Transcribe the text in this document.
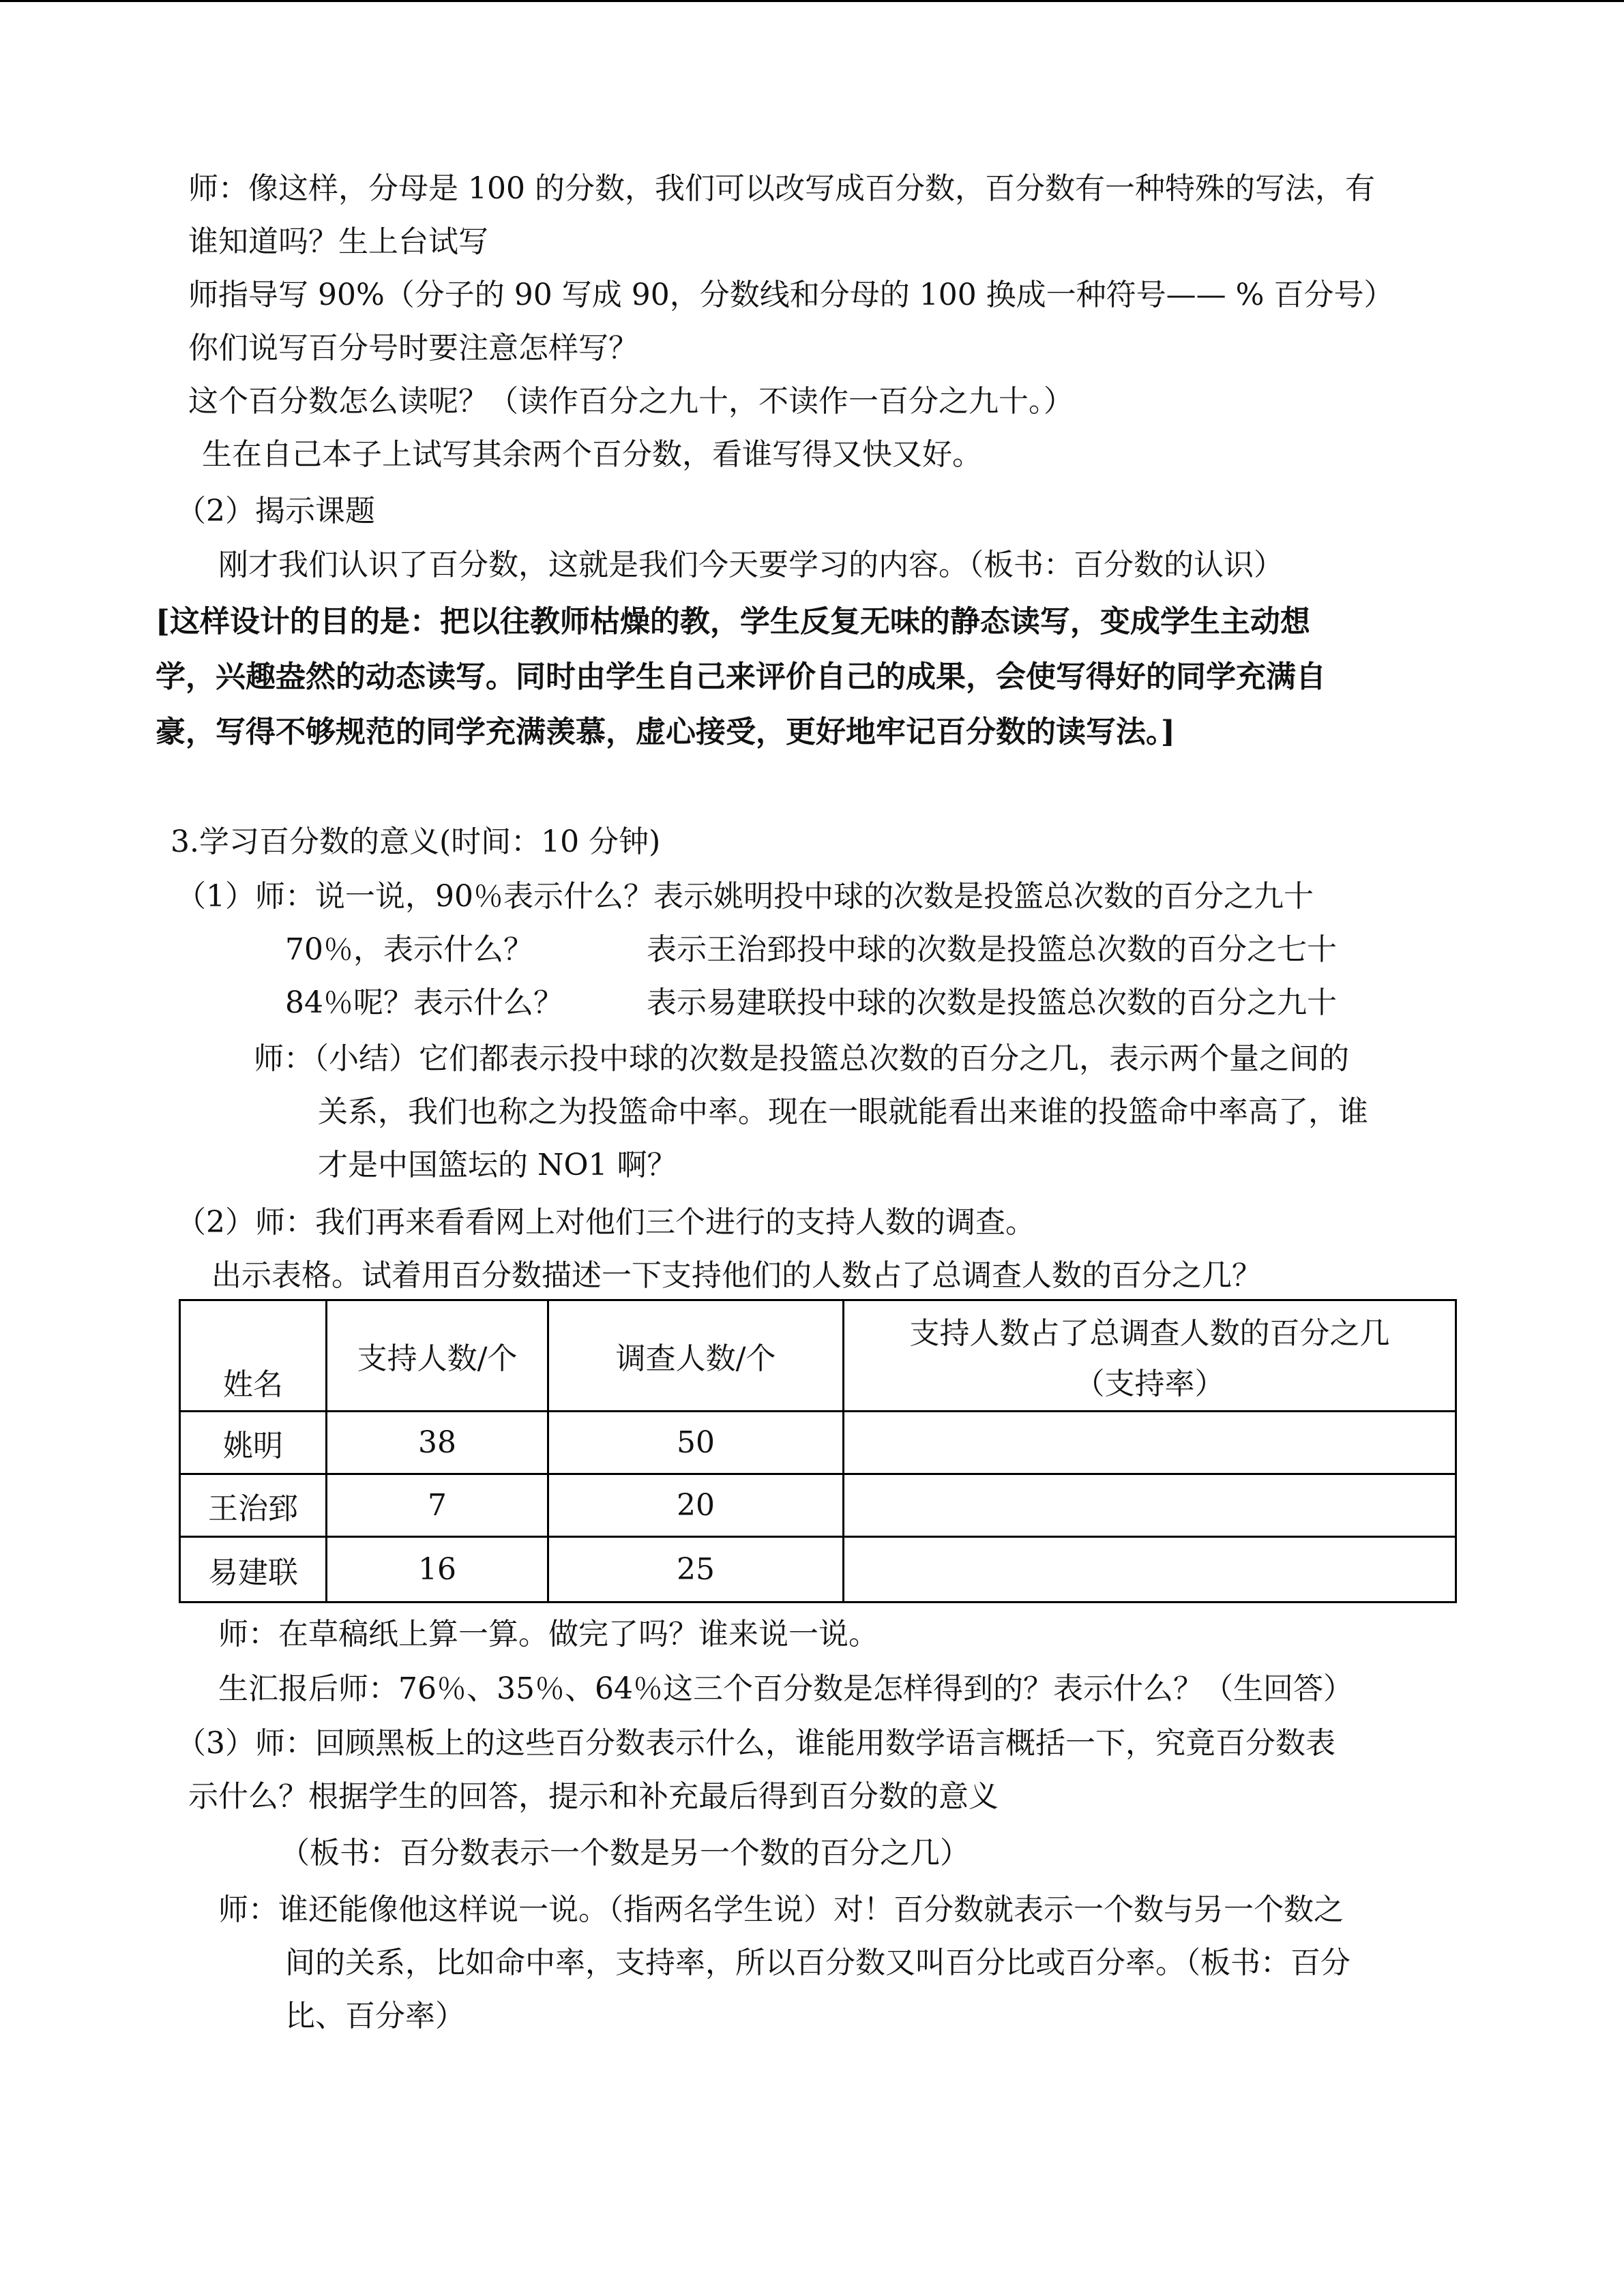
师：像这样，分母是 100 的分数，我们可以改写成百分数，百分数有一种特殊的写法，有
谁知道吗？生上台试写
师指导写 90%（分子的 90 写成 90，分数线和分母的 100 换成一种符号—— % 百分号）
你们说写百分号时要注意怎样写？
这个百分数怎么读呢？（读作百分之九十，不读作一百分之九十。）
生在自己本子上试写其余两个百分数，看谁写得又快又好。
（2）揭示课题
刚才我们认识了百分数，这就是我们今天要学习的内容。（板书：百分数的认识）
[这样设计的目的是：把以往教师枯燥的教，学生反复无味的静态读写，变成学生主动想
学，兴趣盎然的动态读写。同时由学生自己来评价自己的成果，会使写得好的同学充满自
豪，写得不够规范的同学充满羡慕，虚心接受，更好地牢记百分数的读写法。]
3.学习百分数的意义(时间：10 分钟)
（1）师：说一说，90％表示什么？表示姚明投中球的次数是投篮总次数的百分之九十
70％，表示什么？	表示王治郅投中球的次数是投篮总次数的百分之七十
84％呢？表示什么？	表示易建联投中球的次数是投篮总次数的百分之九十
师：（小结）它们都表示投中球的次数是投篮总次数的百分之几，表示两个量之间的
关系，我们也称之为投篮命中率。现在一眼就能看出来谁的投篮命中率高了，谁
才是中国篮坛的 NO1 啊？
（2）师：我们再来看看网上对他们三个进行的支持人数的调查。
出示表格。试着用百分数描述一下支持他们的人数占了总调查人数的百分之几？
姓名	支持人数/个	调查人数/个	支持人数占了总调查人数的百分之几
（支持率）

姚明	38	50	
王治郅	7	20	
易建联	16	25	
师：在草稿纸上算一算。做完了吗？谁来说一说。
生汇报后师：76％、35％、64％这三个百分数是怎样得到的？表示什么？（生回答）
（3）师：回顾黑板上的这些百分数表示什么，谁能用数学语言概括一下，究竟百分数表
示什么？根据学生的回答，提示和补充最后得到百分数的意义
（板书：百分数表示一个数是另一个数的百分之几）
师：谁还能像他这样说一说。（指两名学生说）对！百分数就表示一个数与另一个数之
间的关系，比如命中率，支持率，所以百分数又叫百分比或百分率。（板书：百分
比、百分率）
